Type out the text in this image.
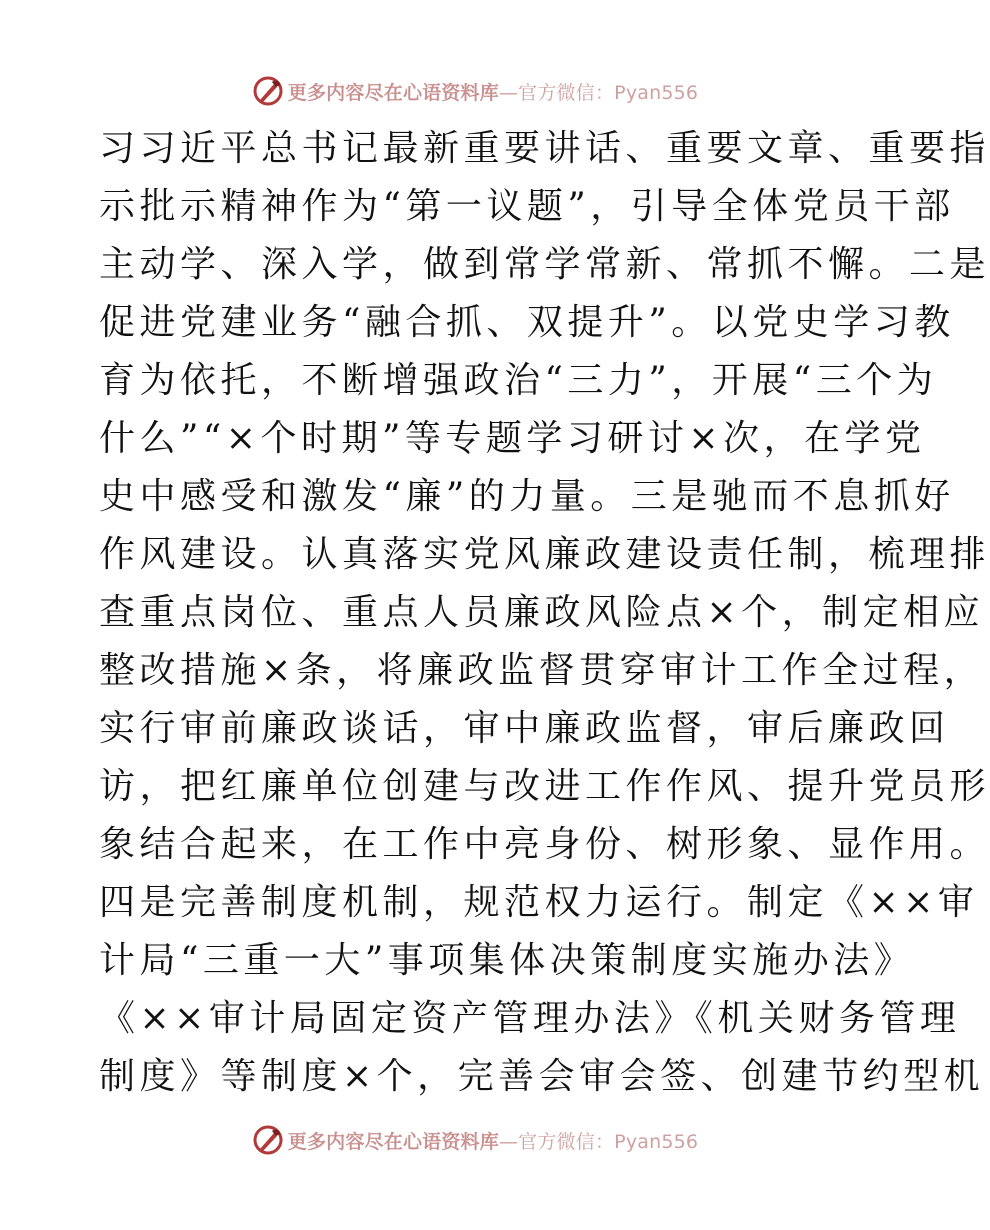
更多内容尽在心语资料库—官方微信：Pyan556
习习近平总书记最新重要讲话、重要文章、重要指
示批示精神作为“第一议题”，引导全体党员干部
主动学、深入学，做到常学常新、常抓不懈。二是
促进党建业务“融合抓、双提升”。以党史学习教
育为依托，不断增强政治“三力”，开展“三个为
什么”“×个时期”等专题学习研讨×次，在学党
史中感受和激发“廉”的力量。三是驰而不息抓好
作风建设。认真落实党风廉政建设责任制，梳理排
查重点岗位、重点人员廉政风险点×个，制定相应
整改措施×条，将廉政监督贯穿审计工作全过程，
实行审前廉政谈话，审中廉政监督，审后廉政回
访，把红廉单位创建与改进工作作风、提升党员形
象结合起来，在工作中亮身份、树形象、显作用。
四是完善制度机制，规范权力运行。制定《××审
计局“三重一大”事项集体决策制度实施办法》
《××审计局固定资产管理办法》《机关财务管理
制度》等制度×个，完善会审会签、创建节约型机
更多内容尽在心语资料库—官方微信：Pyan556
